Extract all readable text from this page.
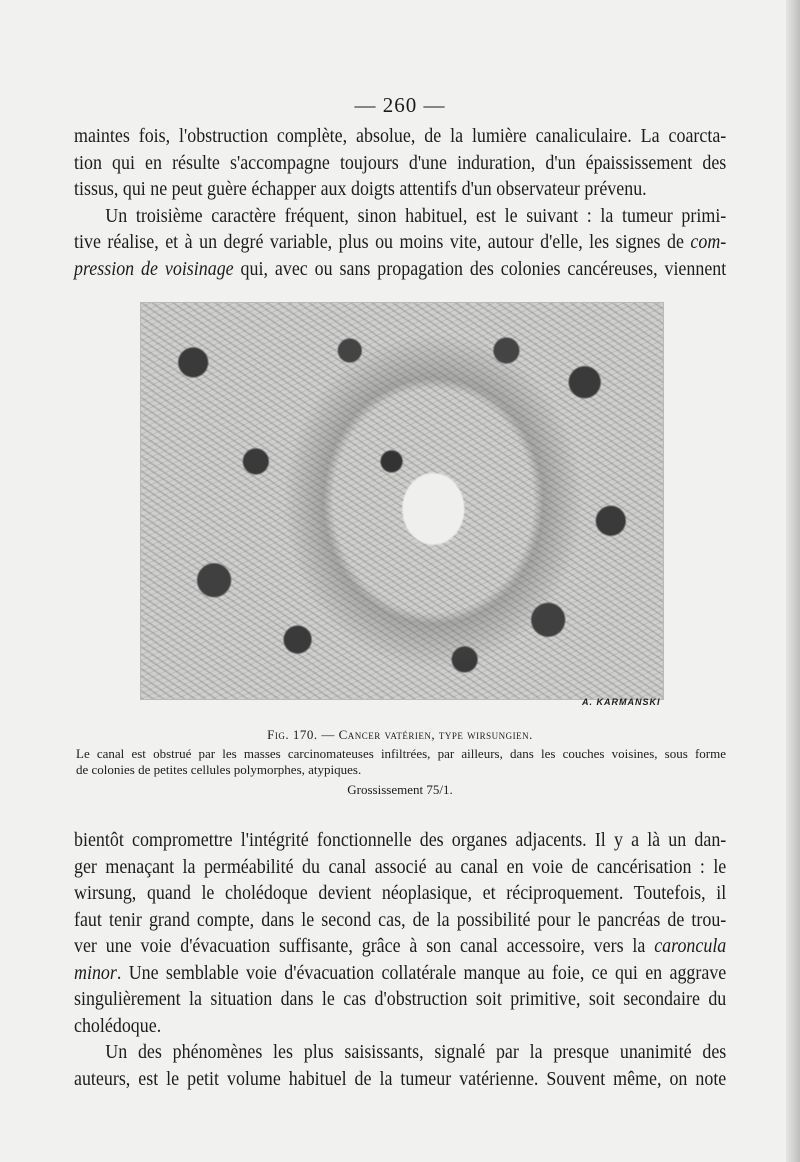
— 260 —
maintes fois, l'obstruction complète, absolue, de la lumière canaliculaire. La coarcta-
tion qui en résulte s'accompagne toujours d'une induration, d'un épaississement des
tissus, qui ne peut guère échapper aux doigts attentifs d'un observateur prévenu.
Un troisième caractère fréquent, sinon habituel, est le suivant : la tumeur primi-
tive réalise, et à un degré variable, plus ou moins vite, autour d'elle, les signes de com-
pression de voisinage qui, avec ou sans propagation des colonies cancéreuses, viennent
A. KARMANSKI
Fig. 170. — Cancer vatérien, type wirsungien.
Le canal est obstrué par les masses carcinomateuses infiltrées, par ailleurs, dans les couches voisines, sous forme
de colonies de petites cellules polymorphes, atypiques.
Grossissement 75/1.
bientôt compromettre l'intégrité fonctionnelle des organes adjacents. Il y a là un dan-
ger menaçant la perméabilité du canal associé au canal en voie de cancérisation : le
wirsung, quand le cholédoque devient néoplasique, et réciproquement. Toutefois, il
faut tenir grand compte, dans le second cas, de la possibilité pour le pancréas de trou-
ver une voie d'évacuation suffisante, grâce à son canal accessoire, vers la caroncula
minor. Une semblable voie d'évacuation collatérale manque au foie, ce qui en aggrave
singulièrement la situation dans le cas d'obstruction soit primitive, soit secondaire du
cholédoque.
Un des phénomènes les plus saisissants, signalé par la presque unanimité des
auteurs, est le petit volume habituel de la tumeur vatérienne. Souvent même, on note
